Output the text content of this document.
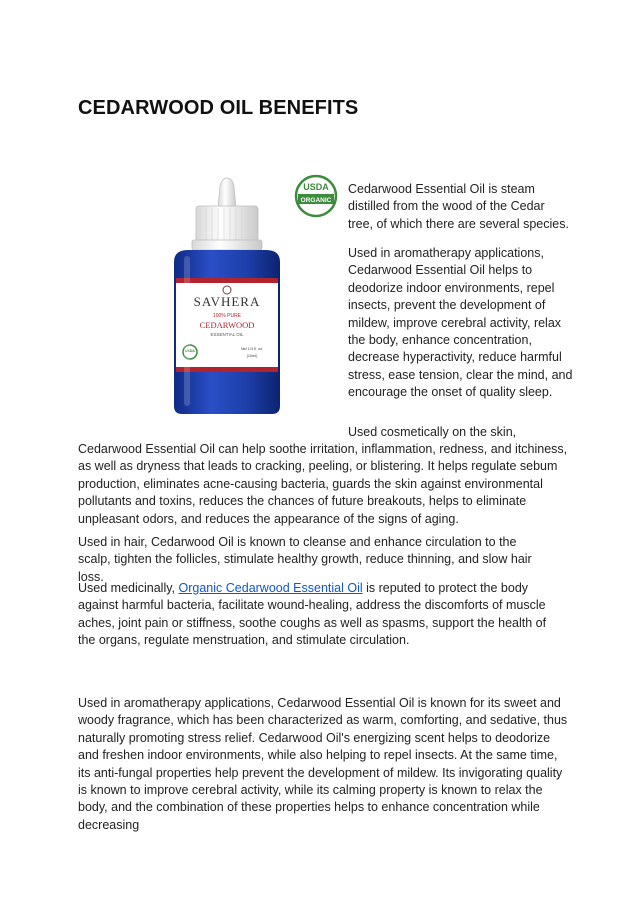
CEDARWOOD OIL BENEFITS
SAVHERA
100% PURE
CEDARWOOD
ESSENTIAL OIL
USDA	Net 1/3 fl. oz.
(10ml)
USDA
ORGANIC

Cedarwood Essential Oil is steam distilled from the wood of the Cedar tree, of which there are several species.

Used in aromatherapy applications, Cedarwood Essential Oil helps to deodorize indoor environments, repel insects, prevent the development of mildew, improve cerebral activity, relax the body, enhance concentration, decrease hyperactivity, reduce harmful stress, ease tension, clear the mind, and encourage the onset of quality sleep.

Used cosmetically on the skin,

Cedarwood Essential Oil can help soothe irritation, inflammation, redness, and itchiness, as well as dryness that leads to cracking, peeling, or blistering. It helps regulate sebum production, eliminates acne-causing bacteria, guards the skin against environmental pollutants and toxins, reduces the chances of future breakouts, helps to eliminate unpleasant odors, and reduces the appearance of the signs of aging.

Used in hair, Cedarwood Oil is known to cleanse and enhance circulation to the scalp, tighten the follicles, stimulate healthy growth, reduce thinning, and slow hair loss.

Used medicinally, Organic Cedarwood Essential Oil is reputed to protect the body against harmful bacteria, facilitate wound-healing, address the discomforts of muscle aches, joint pain or stiffness, soothe coughs as well as spasms, support the health of the organs, regulate menstruation, and stimulate circulation.

Used in aromatherapy applications, Cedarwood Essential Oil is known for its sweet and woody fragrance, which has been characterized as warm, comforting, and sedative, thus naturally promoting stress relief. Cedarwood Oil's energizing scent helps to deodorize and freshen indoor environments, while also helping to repel insects. At the same time, its anti-fungal properties help prevent the development of mildew. Its invigorating quality is known to improve cerebral activity, while its calming property is known to relax the body, and the combination of these properties helps to enhance concentration while decreasing
